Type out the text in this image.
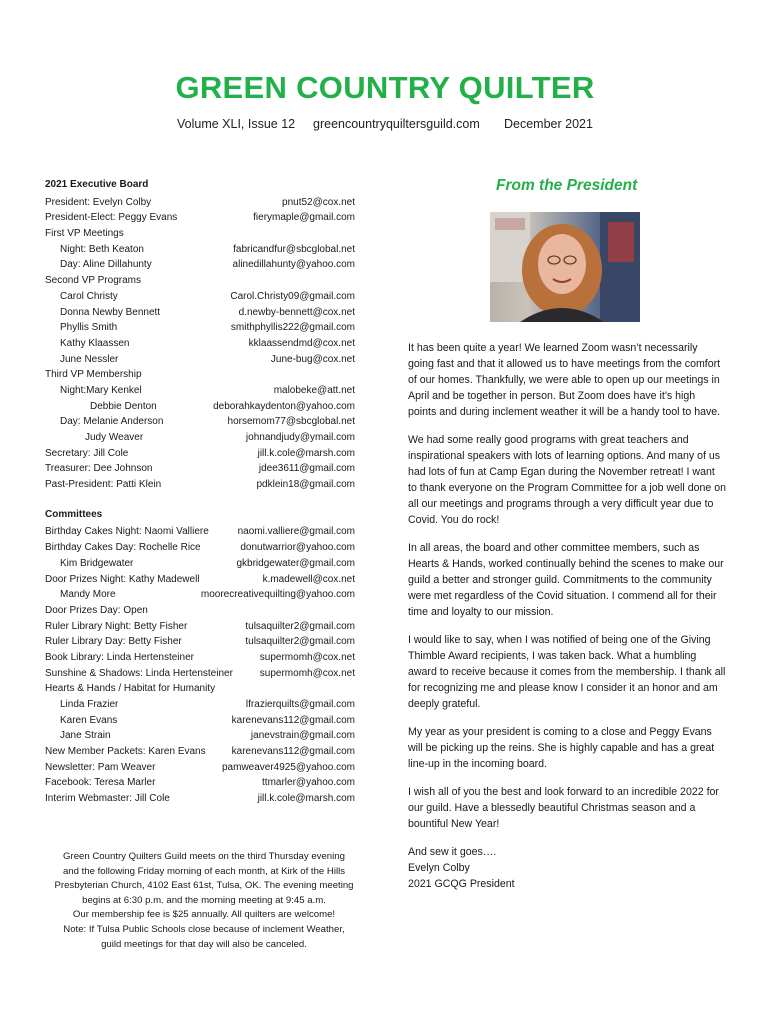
GREEN COUNTRY QUILTER
Volume XLI, Issue 12 greencountryquiltersguild.com December 2021
2021 Executive Board
President: Evelyn Colby	pnut52@cox.net
President-Elect: Peggy Evans	fierymaple@gmail.com
First VP Meetings
Night: Beth Keaton	fabricandfur@sbcglobal.net
Day: Aline Dillahunty	alinedillahunty@yahoo.com
Second VP Programs
Carol Christy	Carol.Christy09@gmail.com
Donna Newby Bennett	d.newby-bennett@cox.net
Phyllis Smith	smithphyllis222@gmail.com
Kathy Klaassen	kklaassendmd@cox.net
June Nessler	June-bug@cox.net
Third VP Membership
Night:Mary Kenkel	malobeke@att.net
Debbie Denton	deborahkaydenton@yahoo.com
Day: Melanie Anderson	horsemom77@sbcglobal.net
Judy Weaver	johnandjudy@ymail.com
Secretary: Jill Cole	jill.k.cole@marsh.com
Treasurer: Dee Johnson	jdee3611@gmail.com
Past-President: Patti Klein	pdklein18@gmail.com
Committees
Birthday Cakes Night: Naomi Valliere	naomi.valliere@gmail.com
Birthday Cakes Day: Rochelle Rice	donutwarrior@yahoo.com
Kim Bridgewater	gkbridgewater@gmail.com
Door Prizes Night: Kathy Madewell	k.madewell@cox.net
Mandy More	moorecreativequilting@yahoo.com
Door Prizes Day: Open
Ruler Library Night: Betty Fisher	tulsaquilter2@gmail.com
Ruler Library Day: Betty Fisher	tulsaquilter2@gmail.com
Book Library: Linda Hertensteiner	supermomh@cox.net
Sunshine & Shadows: Linda Hertensteiner	supermomh@cox.net
Hearts & Hands / Habitat for Humanity
Linda Frazier	lfrazierquilts@gmail.com
Karen Evans	karenevans112@gmail.com
Jane Strain	janevstrain@gmail.com
New Member Packets: Karen Evans	karenevans112@gmail.com
Newsletter: Pam Weaver	pamweaver4925@yahoo.com
Facebook: Teresa Marler	ttmarler@yahoo.com
Interim Webmaster: Jill Cole	jill.k.cole@marsh.com
Green Country Quilters Guild meets on the third Thursday evening
and the following Friday morning of each month, at Kirk of the Hills
Presbyterian Church, 4102 East 61st, Tulsa, OK. The evening meeting
begins at 6:30 p.m. and the morning meeting at 9:45 a.m.
Our membership fee is $25 annually. All quilters are welcome!
Note: If Tulsa Public Schools close because of inclement Weather,
guild meetings for that day will also be canceled.
From the President

It has been quite a year! We learned Zoom wasn’t necessarily going fast and that it allowed us to have meetings from the comfort of our homes. Thankfully, we were able to open up our meetings in April and be together in person. But Zoom does have it’s high points and during inclement weather it will be a handy tool to have.

We had some really good programs with great teachers and inspirational speakers with lots of learning options. And many of us had lots of fun at Camp Egan during the November retreat! I want to thank everyone on the Program Committee for a job well done on all our meetings and programs through a very difficult year due to Covid. You do rock!

In all areas, the board and other committee members, such as Hearts & Hands, worked continually behind the scenes to make our guild a better and stronger guild. Commitments to the community were met regardless of the Covid situation. I commend all for their time and loyalty to our mission.

I would like to say, when I was notified of being one of the Giving Thimble Award recipients, I was taken back. What a humbling award to receive because it comes from the membership. I thank all for recognizing me and please know I consider it an honor and am deeply grateful.

My year as your president is coming to a close and Peggy Evans will be picking up the reins. She is highly capable and has a great line-up in the incoming board.

I wish all of you the best and look forward to an incredible 2022 for our guild. Have a blessedly beautiful Christmas season and a bountiful New Year!

And sew it goes….
Evelyn Colby
2021 GCQG President
